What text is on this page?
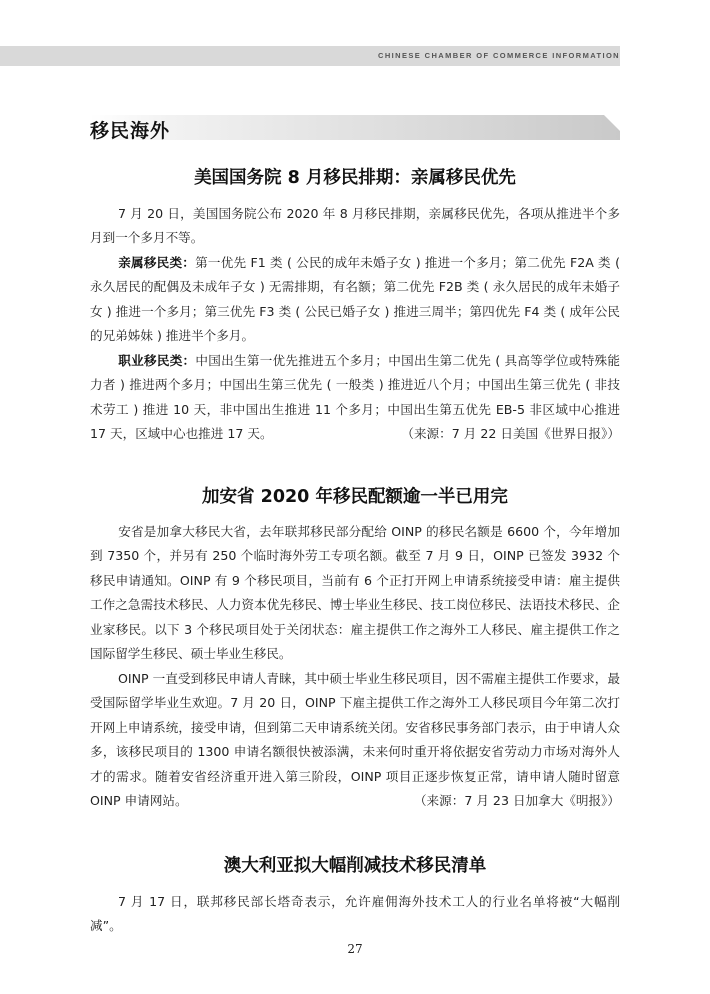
CHINESE CHAMBER OF COMMERCE INFORMATION
移民海外
美国国务院 8 月移民排期：亲属移民优先

7 月 20 日，美国国务院公布 2020 年 8 月移民排期，亲属移民优先，各项从推进半个多月到一个多月不等。

亲属移民类：第一优先 F1 类 ( 公民的成年未婚子女 ) 推进一个多月；第二优先 F2A 类 ( 永久居民的配偶及未成年子女 ) 无需排期，有名额；第二优先 F2B 类 ( 永久居民的成年未婚子女 ) 推进一个多月；第三优先 F3 类 ( 公民已婚子女 ) 推进三周半；第四优先 F4 类 ( 成年公民的兄弟姊妹 ) 推进半个多月。

职业移民类：中国出生第一优先推进五个多月；中国出生第二优先 ( 具高等学位或特殊能力者 ) 推进两个多月；中国出生第三优先 ( 一般类 ) 推进近八个月；中国出生第三优先 ( 非技术劳工 ) 推进 10 天，非中国出生推进 11 个多月；中国出生第五优先 EB-5 非区域中心推进 17 天，区域中心也推进 17 天。	（来源：7 月 22 日美国《世界日报》）

加安省 2020 年移民配额逾一半已用完

安省是加拿大移民大省，去年联邦移民部分配给 OINP 的移民名额是 6600 个，今年增加到 7350 个，并另有 250 个临时海外劳工专项名额。截至 7 月 9 日，OINP 已签发 3932 个移民申请通知。OINP 有 9 个移民项目，当前有 6 个正打开网上申请系统接受申请：雇主提供工作之急需技术移民、人力资本优先移民、博士毕业生移民、技工岗位移民、法语技术移民、企业家移民。以下 3 个移民项目处于关闭状态：雇主提供工作之海外工人移民、雇主提供工作之国际留学生移民、硕士毕业生移民。

OINP 一直受到移民申请人青睐，其中硕士毕业生移民项目，因不需雇主提供工作要求，最受国际留学毕业生欢迎。7 月 20 日，OINP 下雇主提供工作之海外工人移民项目今年第二次打开网上申请系统，接受申请，但到第二天申请系统关闭。安省移民事务部门表示，由于申请人众多，该移民项目的 1300 申请名额很快被添满，未来何时重开将依据安省劳动力市场对海外人才的需求。随着安省经济重开进入第三阶段，OINP 项目正逐步恢复正常，请申请人随时留意 OINP 申请网站。	（来源：7 月 23 日加拿大《明报》）

澳大利亚拟大幅削减技术移民清单

7 月 17 日，联邦移民部长塔奇表示，允许雇佣海外技术工人的行业名单将被“大幅削减”。

27
